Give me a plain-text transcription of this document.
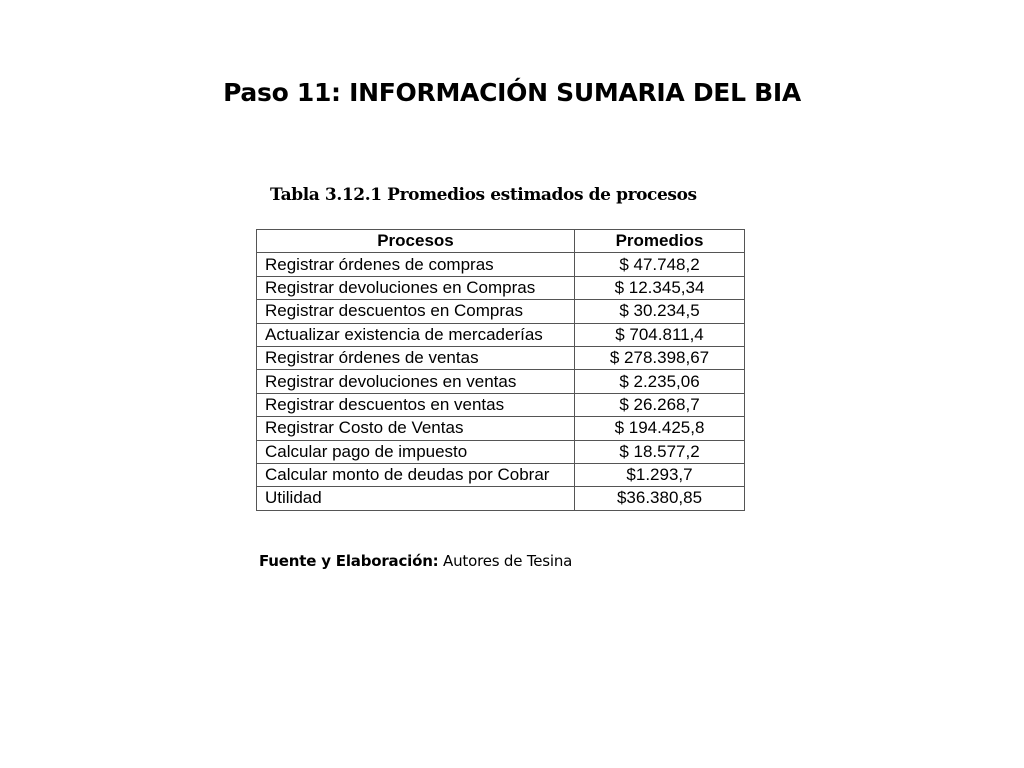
Paso 11: INFORMACIÓN SUMARIA DEL BIA

Tabla 3.12.1 Promedios estimados de procesos

Procesos	Promedios
Registrar órdenes de compras	$ 47.748,2
Registrar devoluciones en Compras	$ 12.345,34
Registrar descuentos en Compras	$ 30.234,5
Actualizar existencia de mercaderías	$ 704.811,4
Registrar órdenes de ventas	$ 278.398,67
Registrar devoluciones en ventas	$ 2.235,06
Registrar descuentos en ventas	$ 26.268,7
Registrar Costo de Ventas	$ 194.425,8
Calcular pago de impuesto	$ 18.577,2
Calcular monto de deudas por Cobrar	$1.293,7
Utilidad	$36.380,85

Fuente y Elaboración: Autores de Tesina
